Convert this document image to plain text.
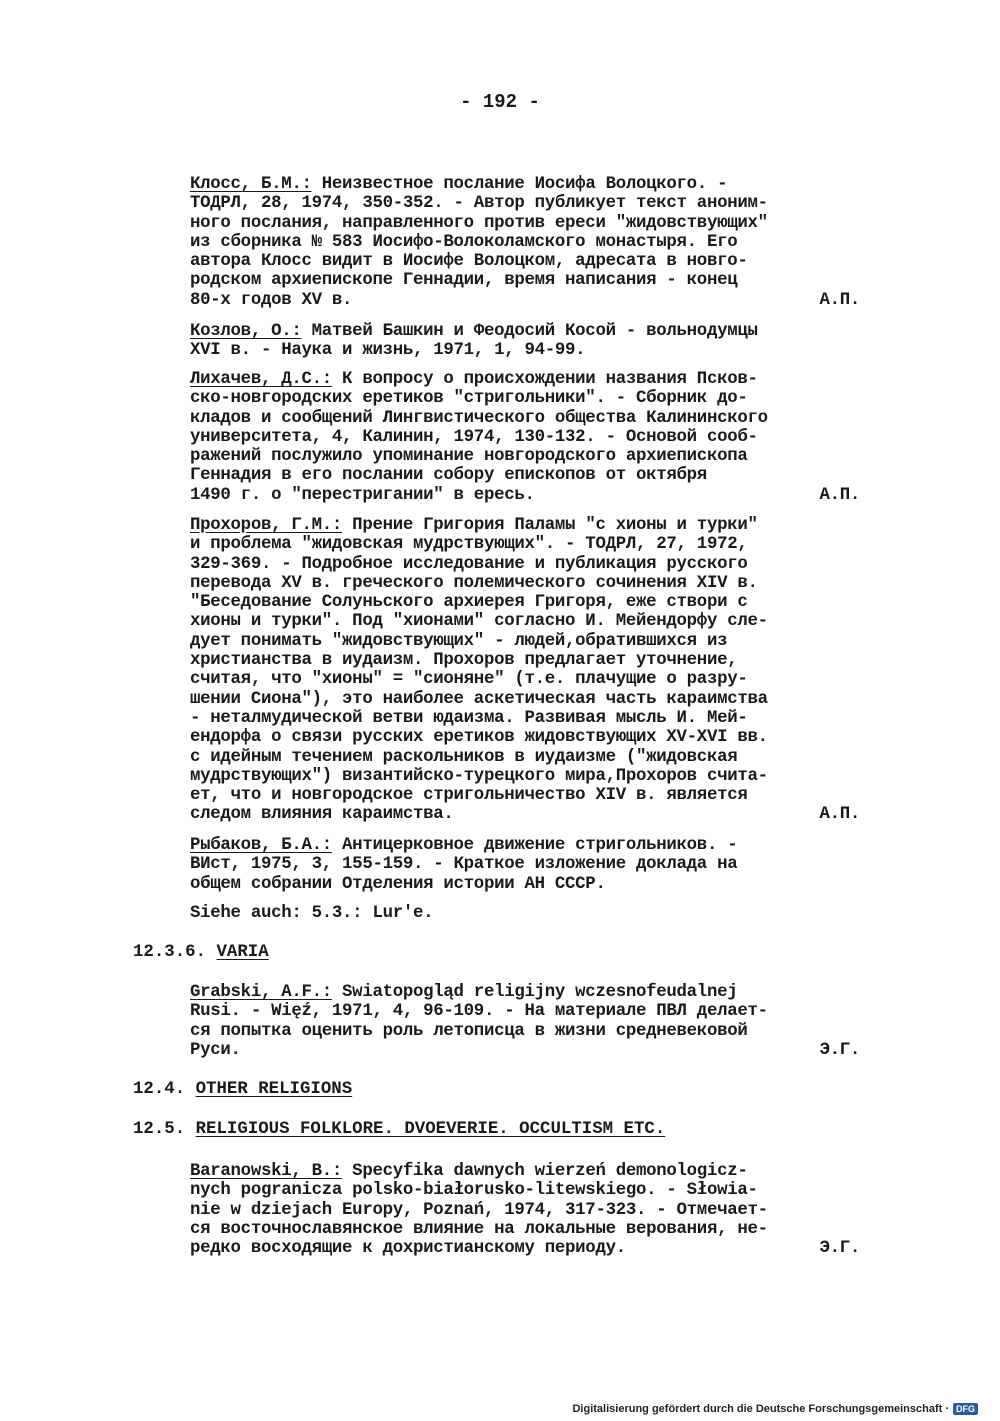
- 192 -
Клосс, Б.М.: Неизвестное послание Иосифа Волоцкого. -
ТОДРЛ, 28, 1974, 350-352. - Автор публикует текст аноним-
ного послания, направленного против ереси "жидовствующих"
из сборника № 583 Иосифо-Волоколамского монастыря. Его
автора Клосс видит в Иосифе Волоцком, адресата в новго-
родском архиепископе Геннадии, время написания - конец
80-х годов XV в.	А.П.
Козлов, О.: Матвей Башкин и Феодосий Косой - вольнодумцы
XVI в. - Наука и жизнь, 1971, 1, 94-99.
Лихачев, Д.С.: К вопросу о происхождении названия Псков-
ско-новгородских еретиков "стригольники". - Сборник до-
кладов и сообщений Лингвистического общества Калининского
университета, 4, Калинин, 1974, 130-132. - Основой сооб-
ражений послужило упоминание новгородского архиепископа
Геннадия в его послании собору епископов от октября
1490 г. о "перестригании" в ересь.	А.П.
Прохоров, Г.М.: Прение Григория Паламы "с хионы и турки"
и проблема "жидовская мудрствующих". - ТОДРЛ, 27, 1972,
329-369. - Подробное исследование и публикация русского
перевода XV в. греческого полемического сочинения XIV в.
"Беседование Солуньского архиерея Григоря, еже створи с
хионы и турки". Под "хионами" согласно И. Мейендорфу сле-
дует понимать "жидовствующих" - людей,обратившихся из
христианства в иудаизм. Прохоров предлагает уточнение,
считая, что "хионы" = "сионяне" (т.е. плачущие о разру-
шении Сиона"), это наиболее аскетическая часть караимства
- неталмудической ветви юдаизма. Развивая мысль И. Мей-
ендорфа о связи русских еретиков жидовствующих XV-XVI вв.
с идейным течением раскольников в иудаизме ("жидовская
мудрствующих") византийско-турецкого мира,Прохоров счита-
ет, что и новгородское стригольничество XIV в. является
следом влияния караимства.	А.П.
Рыбаков, Б.А.: Антицерковное движение стригольников. -
ВИст, 1975, 3, 155-159. - Краткое изложение доклада на
общем собрании Отделения истории АН СССР.
Siehe auch: 5.3.: Lur'e.
12.3.6. VARIA
Grabski, A.F.: Swiatopogląd religijny wczesnofeudalnej
Rusi. - Więź, 1971, 4, 96-109. - На материале ПВЛ делает-
ся попытка оценить роль летописца в жизни средневековой
Руси.	Э.Г.
12.4. OTHER RELIGIONS
12.5. RELIGIOUS FOLKLORE. DVOEVERIE. OCCULTISM ETC.
Baranowski, B.: Specyfika dawnych wierzeń demonologicz-
nych pogranicza polsko-białorusko-litewskiego. - Słowia-
nie w dziejach Europy, Poznań, 1974, 317-323. - Отмечает-
ся восточнославянское влияние на локальные верования, не-
редко восходящие к дохристианскому периоду.	Э.Г.
Digitalisierung gefördert durch die Deutsche Forschungsgemeinschaft · DFG
